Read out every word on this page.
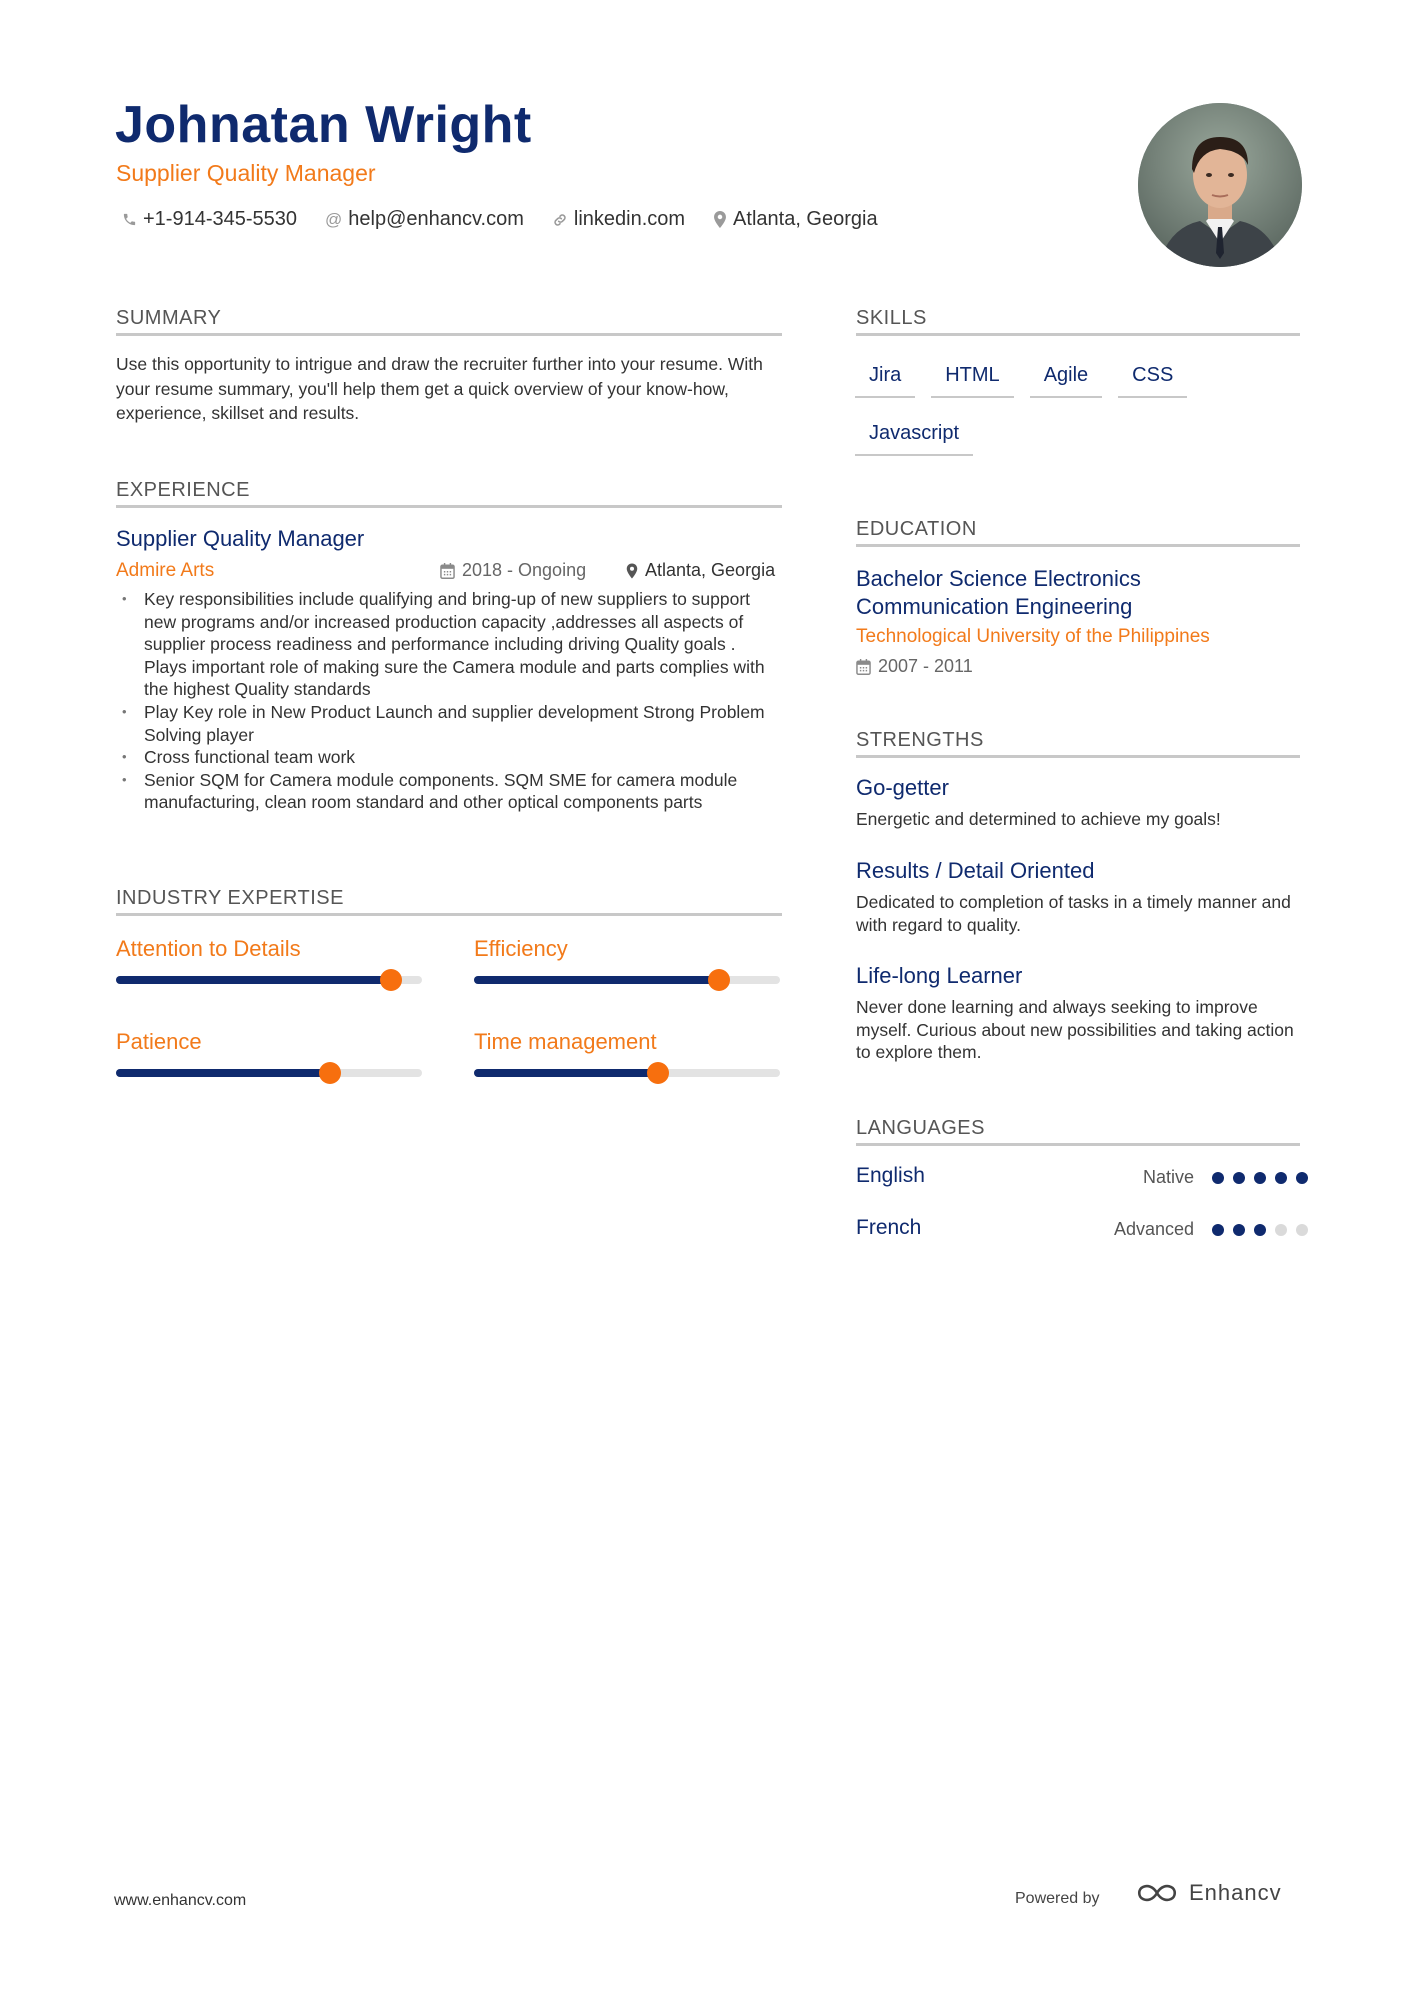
Johnatan Wright
Supplier Quality Manager
+1-914-345-5530 @ help@enhancv.com	linkedin.com Atlanta, Georgia
SUMMARY
Use this opportunity to intrigue and draw the recruiter further into your resume. With your resume summary, you'll help them get a quick overview of your know-how, experience, skillset and results.
EXPERIENCE
Supplier Quality Manager
Admire Arts	2018 - Ongoing	Atlanta, Georgia
• Key responsibilities include qualifying and bring-up of new suppliers to support new programs and/or increased production capacity ,addresses all aspects of supplier process readiness and performance including driving Quality goals . Plays important role of making sure the Camera module and parts complies with the highest Quality standards
• Play Key role in New Product Launch and supplier development Strong Problem Solving player
• Cross functional team work
• Senior SQM for Camera module components. SQM SME for camera module manufacturing, clean room standard and other optical components parts
INDUSTRY EXPERTISE
Attention to Details	Efficiency
Patience	Time management
SKILLS
Jira	HTML	Agile	CSS
Javascript
EDUCATION
Bachelor Science Electronics Communication Engineering
Technological University of the Philippines
2007 - 2011
STRENGTHS
Go-getter
Energetic and determined to achieve my goals!
Results / Detail Oriented
Dedicated to completion of tasks in a timely manner and with regard to quality.
Life-long Learner
Never done learning and always seeking to improve myself. Curious about new possibilities and taking action to explore them.
LANGUAGES
English	Native
French	Advanced
www.enhancv.com	Powered by	Enhancv
